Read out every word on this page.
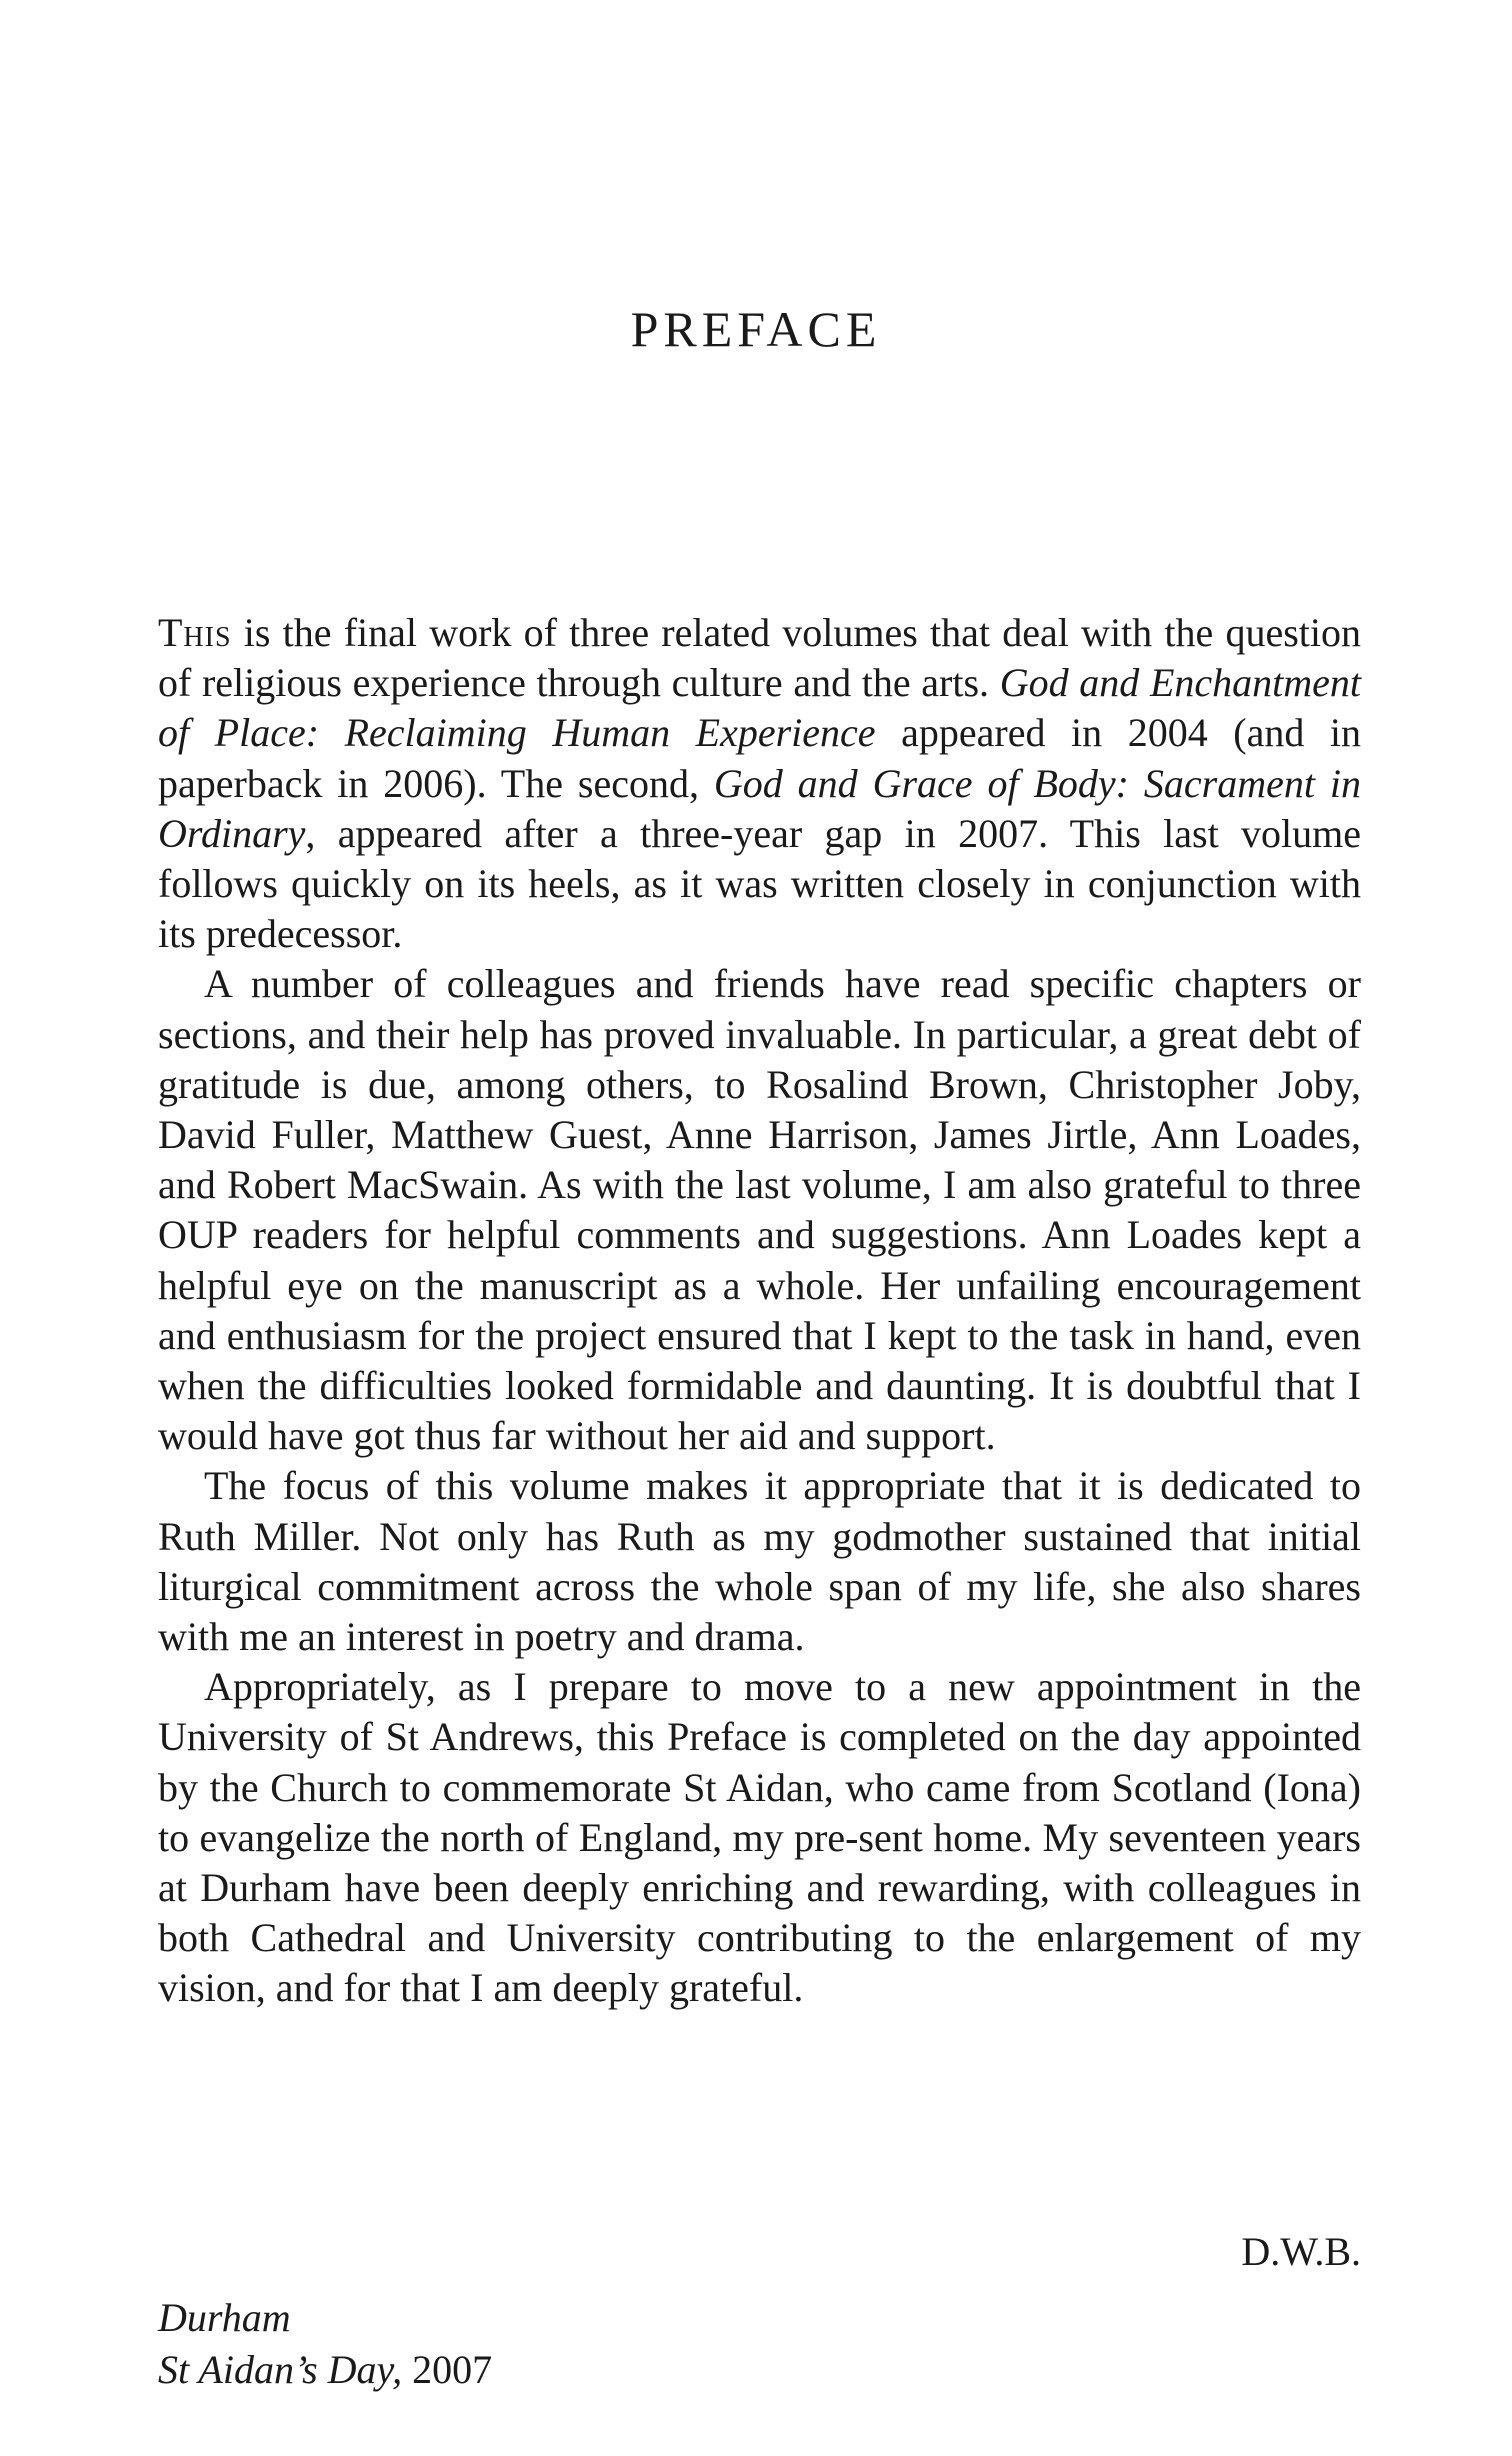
PREFACE

This is the final work of three related volumes that deal with the question of religious experience through culture and the arts. God and Enchantment of Place: Reclaiming Human Experience appeared in 2004 (and in paperback in 2006). The second, God and Grace of Body: Sacrament in Ordinary, appeared after a three-year gap in 2007. This last volume follows quickly on its heels, as it was written closely in conjunction with its predecessor.

A number of colleagues and friends have read specific chapters or sections, and their help has proved invaluable. In particular, a great debt of gratitude is due, among others, to Rosalind Brown, Christopher Joby, David Fuller, Matthew Guest, Anne Harrison, James Jirtle, Ann Loades, and Robert MacSwain. As with the last volume, I am also grateful to three OUP readers for helpful comments and suggestions. Ann Loades kept a helpful eye on the manuscript as a whole. Her unfailing encouragement and enthusiasm for the project ensured that I kept to the task in hand, even when the difficulties looked formidable and daunting. It is doubtful that I would have got thus far without her aid and support.

The focus of this volume makes it appropriate that it is dedicated to Ruth Miller. Not only has Ruth as my godmother sustained that initial liturgical commitment across the whole span of my life, she also shares with me an interest in poetry and drama.

Appropriately, as I prepare to move to a new appointment in the University of St Andrews, this Preface is completed on the day appointed by the Church to commemorate St Aidan, who came from Scotland (Iona) to evangelize the north of England, my pre-sent home. My seventeen years at Durham have been deeply enriching and rewarding, with colleagues in both Cathedral and University contributing to the enlargement of my vision, and for that I am deeply grateful.

D.W.B.
Durham
St Aidan’s Day, 2007
